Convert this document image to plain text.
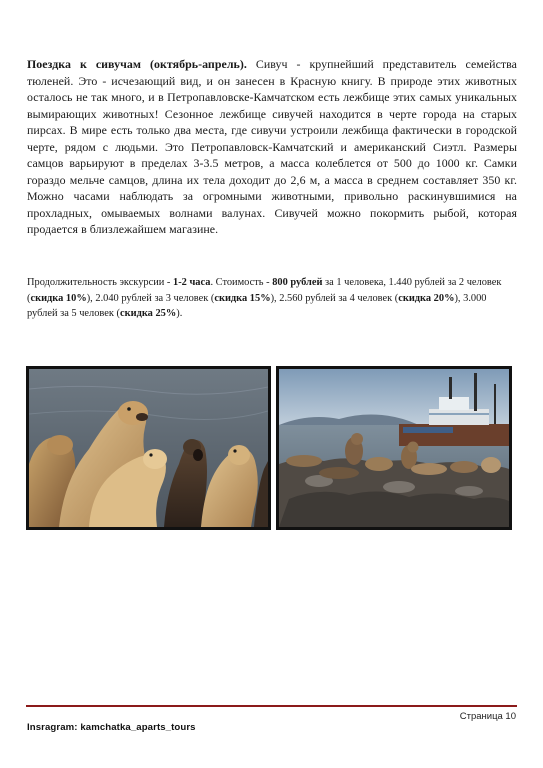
Поездка к сивучам (октябрь-апрель). Сивуч - крупнейший представитель семейства тюленей. Это - исчезающий вид, и он занесен в Красную книгу. В природе этих животных осталось не так много, и в Петропавловске-Камчатском есть лежбище этих самых уникальных вымирающих животных! Сезонное лежбище сивучей находится в черте города на старых пирсах. В мире есть только два места, где сивучи устроили лежбища фактически в городской черте, рядом с людьми. Это Петропавловск-Камчатский и американский Сиэтл. Размеры самцов варьируют в пределах 3-3.5 метров, а масса колеблется от 500 до 1000 кг. Самки гораздо мельче самцов, длина их тела доходит до 2,6 м, а масса в среднем составляет 350 кг. Можно часами наблюдать за огромными животными, привольно раскинувшимися на прохладных, омываемых волнами валунах. Сивучей можно покормить рыбой, которая продается в близлежайшем магазине.

Продолжительность экскурсии - 1-2 часа. Стоимость - 800 рублей за 1 человека, 1.440 рублей за 2 человек (скидка 10%), 2.040 рублей за 3 человек (скидка 15%), 2.560 рублей за 4 человек (скидка 20%), 3.000 рублей за 5 человек (скидка 25%).

Страница 10
Insragram: kamchatka_aparts_tours
